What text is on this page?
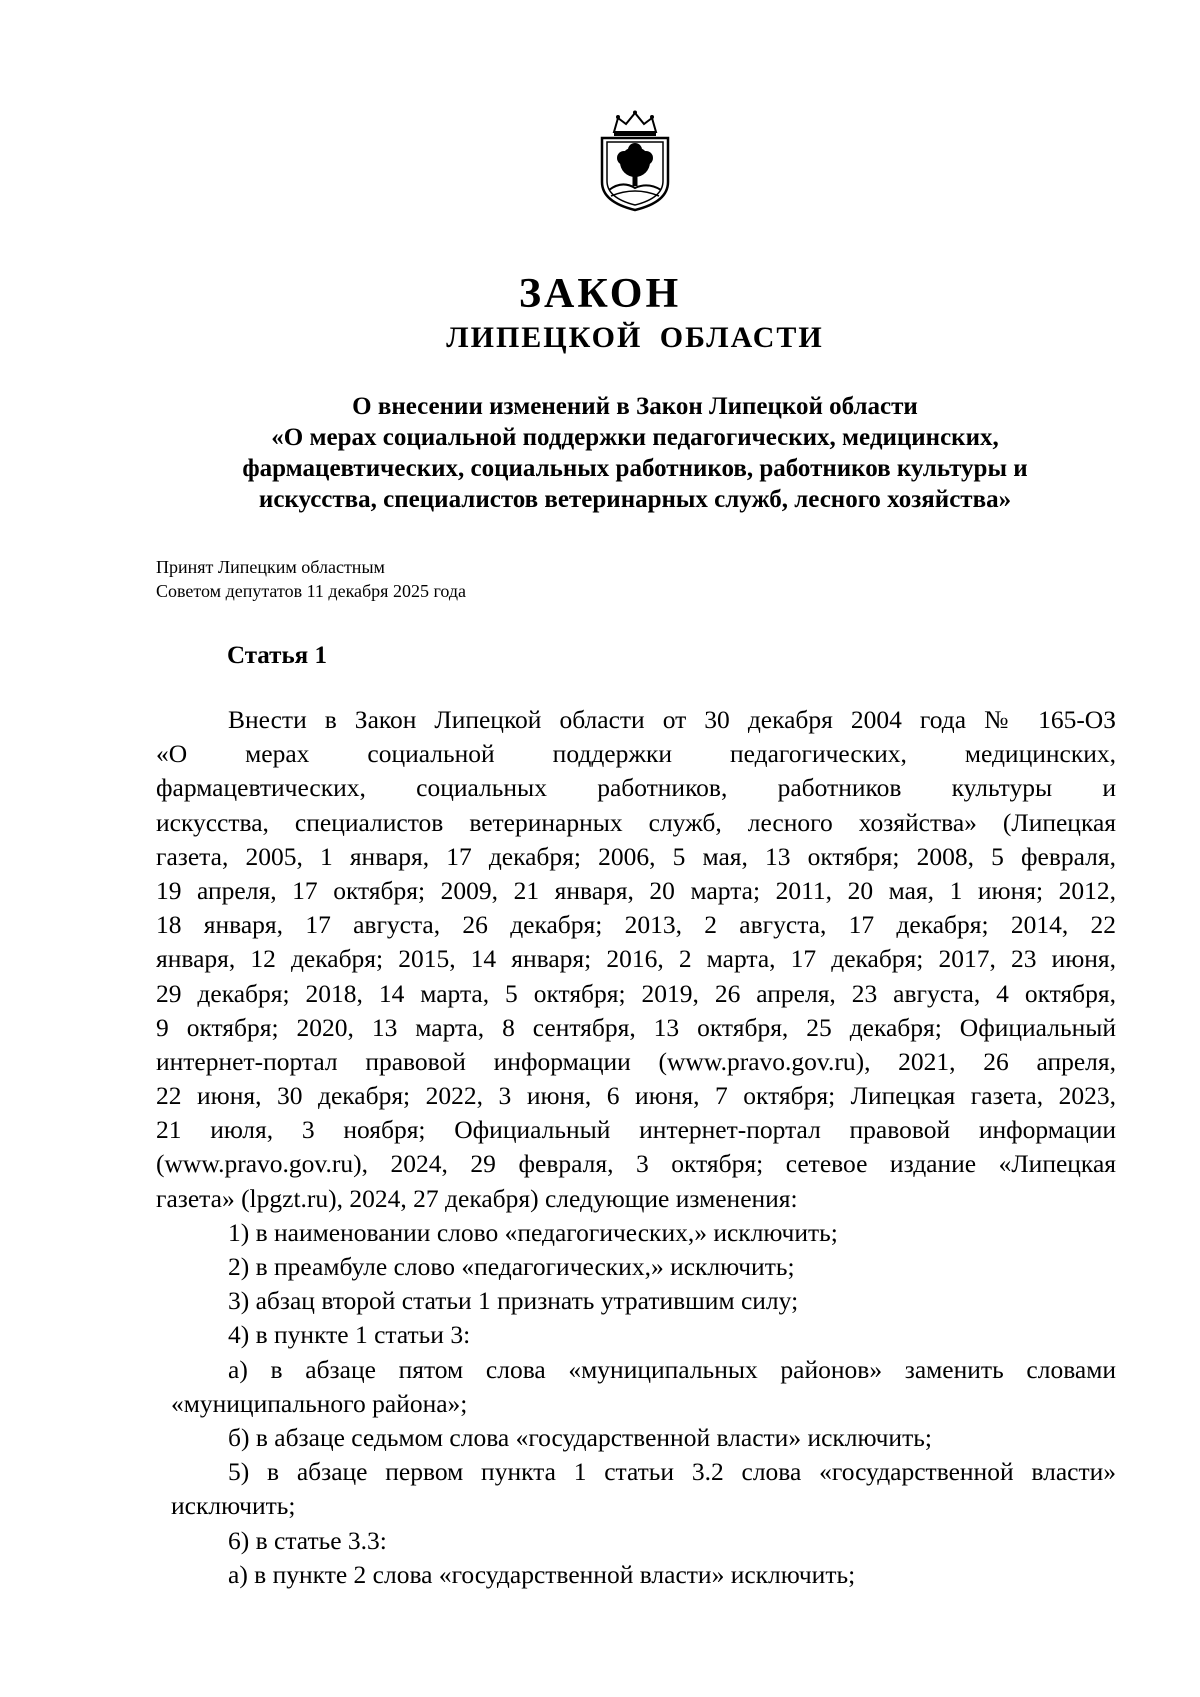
ЗАКОН
ЛИПЕЦКОЙ ОБЛАСТИ
О внесении изменений в Закон Липецкой области
«О мерах социальной поддержки педагогических, медицинских,
фармацевтических, социальных работников, работников культуры и
искусства, специалистов ветеринарных служб, лесного хозяйства»
Принят Липецким областным
Советом депутатов 11 декабря 2025 года
Статья 1
Внести в Закон Липецкой области от 30 декабря 2004 года № 165-ОЗ
«О мерах социальной поддержки педагогических, медицинских,
фармацевтических, социальных работников, работников культуры и
искусства, специалистов ветеринарных служб, лесного хозяйства» (Липецкая
газета, 2005, 1 января, 17 декабря; 2006, 5 мая, 13 октября; 2008, 5 февраля,
19 апреля, 17 октября; 2009, 21 января, 20 марта; 2011, 20 мая, 1 июня; 2012,
18 января, 17 августа, 26 декабря; 2013, 2 августа, 17 декабря; 2014, 22
января, 12 декабря; 2015, 14 января; 2016, 2 марта, 17 декабря; 2017, 23 июня,
29 декабря; 2018, 14 марта, 5 октября; 2019, 26 апреля, 23 августа, 4 октября,
9 октября; 2020, 13 марта, 8 сентября, 13 октября, 25 декабря; Официальный
интернет-портал правовой информации (www.pravo.gov.ru), 2021, 26 апреля,
22 июня, 30 декабря; 2022, 3 июня, 6 июня, 7 октября; Липецкая газета, 2023,
21 июля, 3 ноября; Официальный интернет-портал правовой информации
(www.pravo.gov.ru), 2024, 29 февраля, 3 октября; сетевое издание «Липецкая
газета» (lpgzt.ru), 2024, 27 декабря) следующие изменения:
1) в наименовании слово «педагогических,» исключить;
2) в преамбуле слово «педагогических,» исключить;
3) абзац второй статьи 1 признать утратившим силу;
4) в пункте 1 статьи 3:
а) в абзаце пятом слова «муниципальных районов» заменить словами
«муниципального района»;
б) в абзаце седьмом слова «государственной власти» исключить;
5) в абзаце первом пункта 1 статьи 3.2 слова «государственной власти»
исключить;
6) в статье 3.3:
а) в пункте 2 слова «государственной власти» исключить;
